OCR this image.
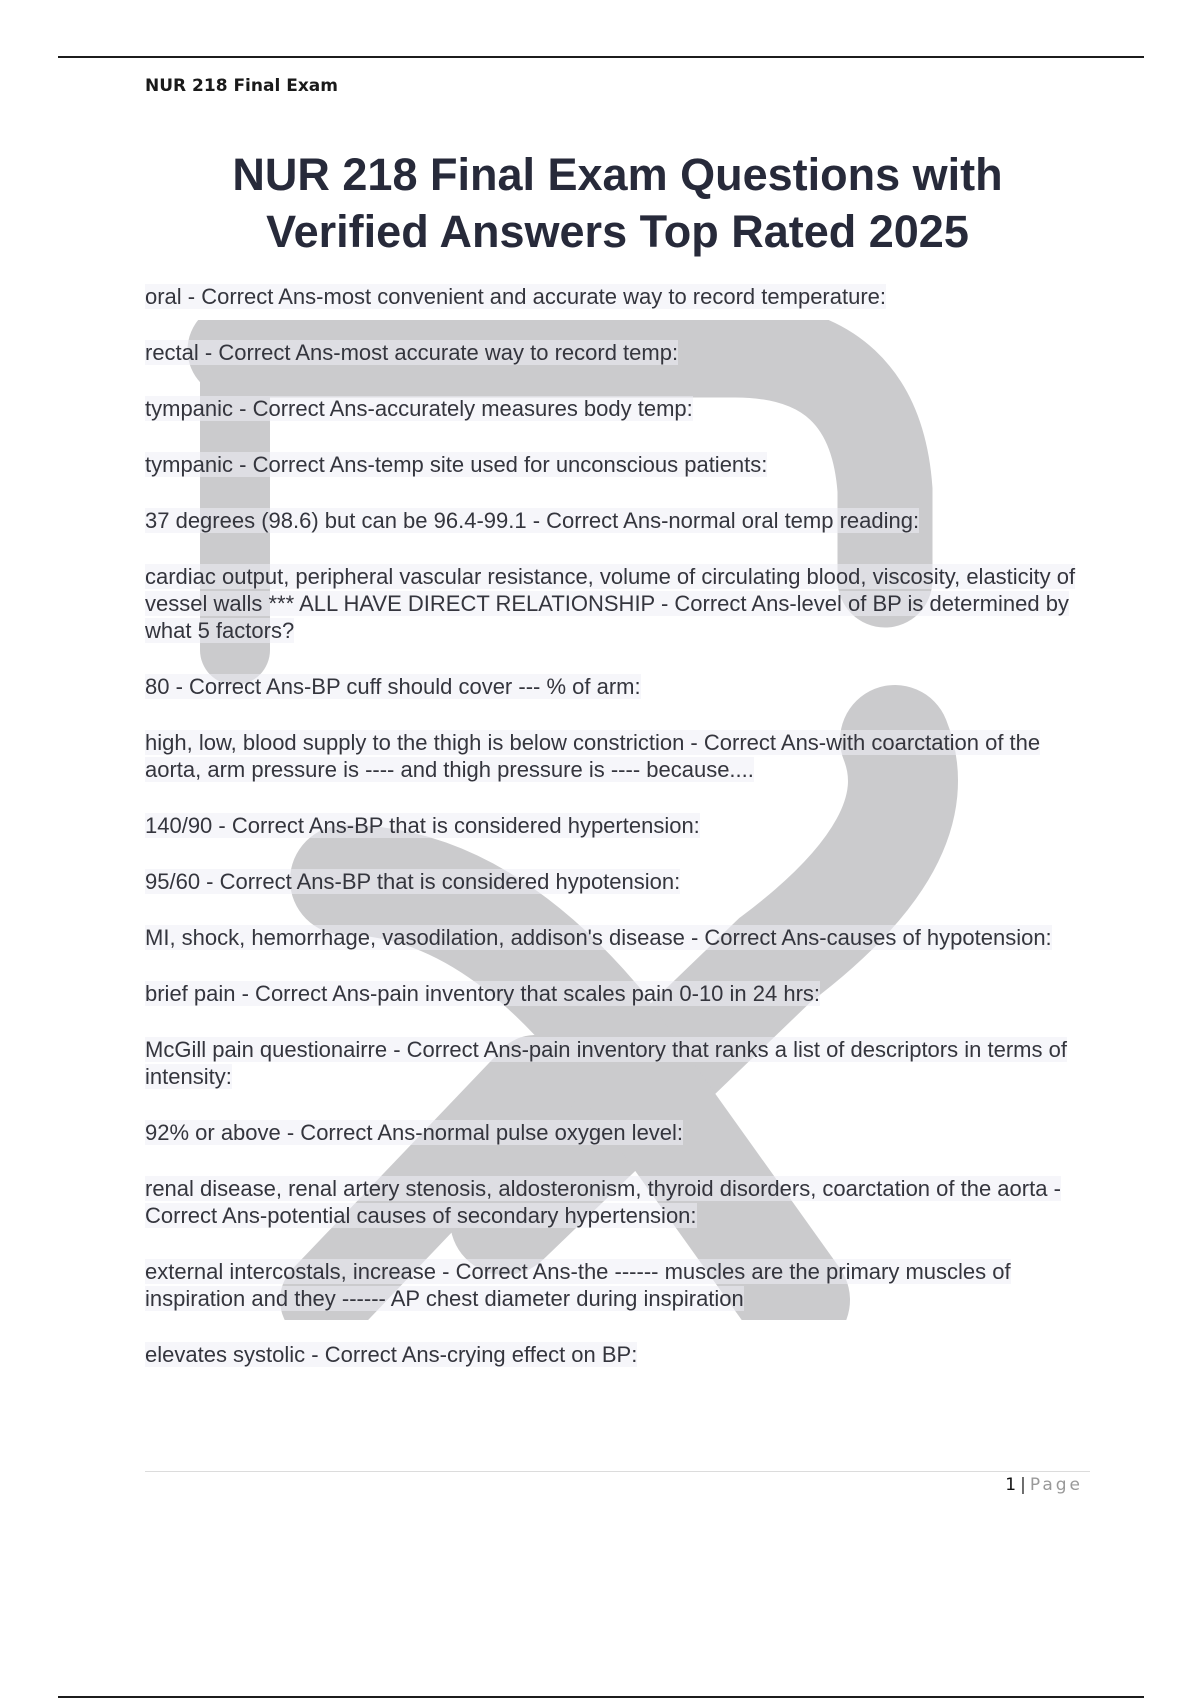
NUR 218 Final Exam
NUR 218 Final Exam Questions with
Verified Answers Top Rated 2025
oral - Correct Ans-most convenient and accurate way to record temperature:
rectal - Correct Ans-most accurate way to record temp:
tympanic - Correct Ans-accurately measures body temp:
tympanic - Correct Ans-temp site used for unconscious patients:
37 degrees (98.6) but can be 96.4-99.1 - Correct Ans-normal oral temp reading:
cardiac output, peripheral vascular resistance, volume of circulating blood, viscosity, elasticity of vessel walls *** ALL HAVE DIRECT RELATIONSHIP - Correct Ans-level of BP is determined by what 5 factors?
80 - Correct Ans-BP cuff should cover --- % of arm:
high, low, blood supply to the thigh is below constriction - Correct Ans-with coarctation of the aorta, arm pressure is ---- and thigh pressure is ---- because....
140/90 - Correct Ans-BP that is considered hypertension:
95/60 - Correct Ans-BP that is considered hypotension:
MI, shock, hemorrhage, vasodilation, addison's disease - Correct Ans-causes of hypotension:
brief pain - Correct Ans-pain inventory that scales pain 0-10 in 24 hrs:
McGill pain questionairre - Correct Ans-pain inventory that ranks a list of descriptors in terms of intensity:
92% or above - Correct Ans-normal pulse oxygen level:
renal disease, renal artery stenosis, aldosteronism, thyroid disorders, coarctation of the aorta - Correct Ans-potential causes of secondary hypertension:
external intercostals, increase - Correct Ans-the ------ muscles are the primary muscles of inspiration and they ------ AP chest diameter during inspiration
elevates systolic - Correct Ans-crying effect on BP:
1 | Page
